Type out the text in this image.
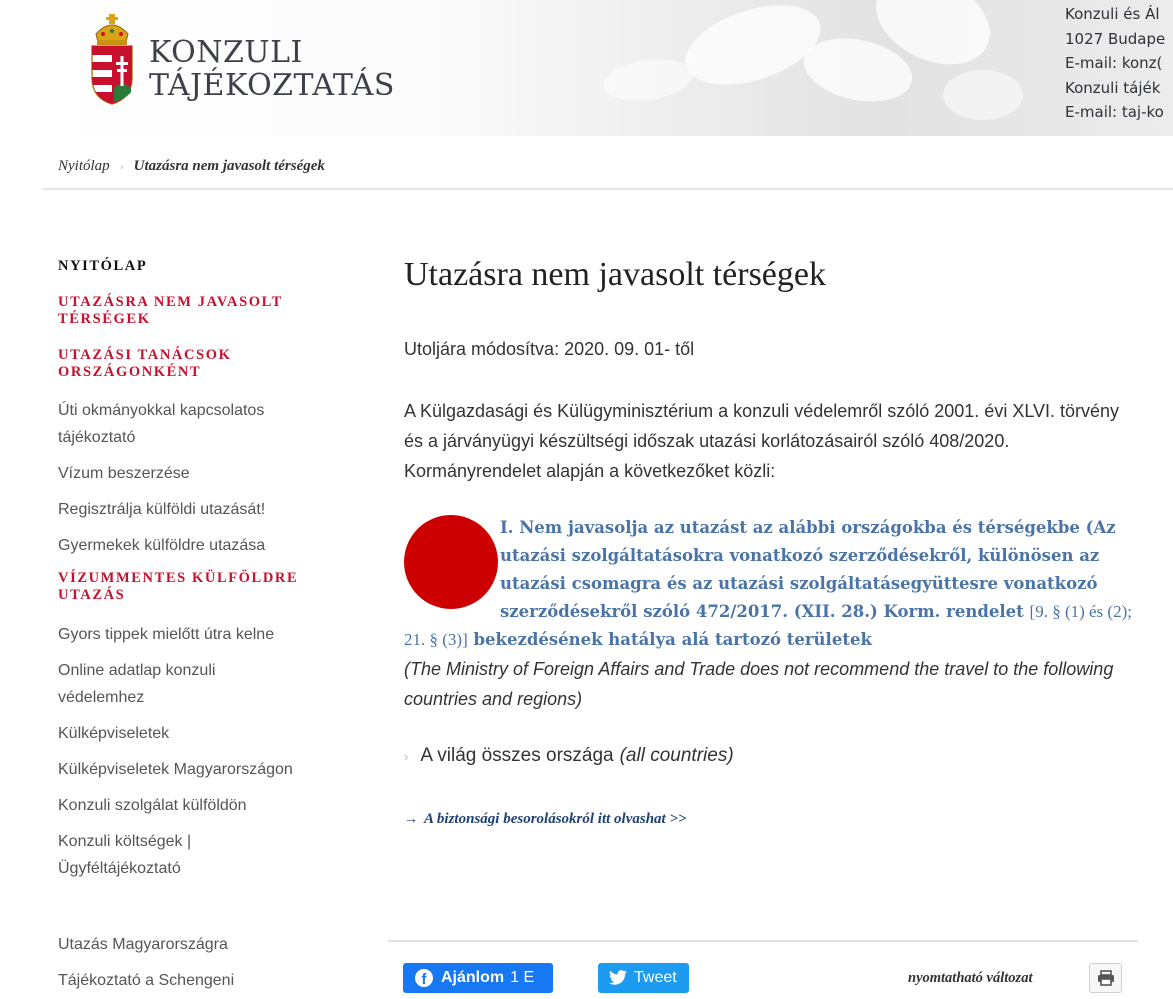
KONZULI
TÁJÉKOZTATÁS
Konzuli és Ál
1027 Budape
E-mail: konz(
Konzuli tájék
E-mail: taj-ko
Nyitólap › Utazásra nem javasolt térségek
NYITÓLAP
UTAZÁSRA NEM JAVASOLT TÉRSÉGEK
UTAZÁSI TANÁCSOK ORSZÁGONKÉNT
Úti okmányokkal kapcsolatos tájékoztató
Vízum beszerzése
Regisztrálja külföldi utazását!
Gyermekek külföldre utazása
VÍZUMMENTES KÜLFÖLDRE UTAZÁS
Gyors tippek mielőtt útra kelne
Online adatlap konzuli védelemhez
Külképviseletek
Külképviseletek Magyarországon
Konzuli szolgálat külföldön
Konzuli költségek | Ügyféltájékoztató
Utazás Magyarországra
Tájékoztató a Schengeni
Utazásra nem javasolt térségek
Utoljára módosítva: 2020. 09. 01- től

A Külgazdasági és Külügyminisztérium a konzuli védelemről szóló 2001. évi XLVI. törvény és a járványügyi készültségi időszak utazási korlátozásairól szóló 408/2020. Kormányrendelet alapján a következőket közli:

I. Nem javasolja az utazást az alábbi országokba és térségekbe (Az utazási szolgáltatásokra vonatkozó szerződésekről, különösen az utazási csomagra és az utazási szolgáltatásegyüttesre vonatkozó szerződésekről szóló 472/2017. (XII. 28.) Korm. rendelet [9. § (1) és (2); 21. § (3)] bekezdésének hatálya alá tartozó területek
(The Ministry of Foreign Affairs and Trade does not recommend the travel to the following countries and regions)
› A világ összes országa (all countries)
→ A biztonsági besorolásokról itt olvashat >>
f Ajánlom 1 E	Tweet	nyomtatható változat
